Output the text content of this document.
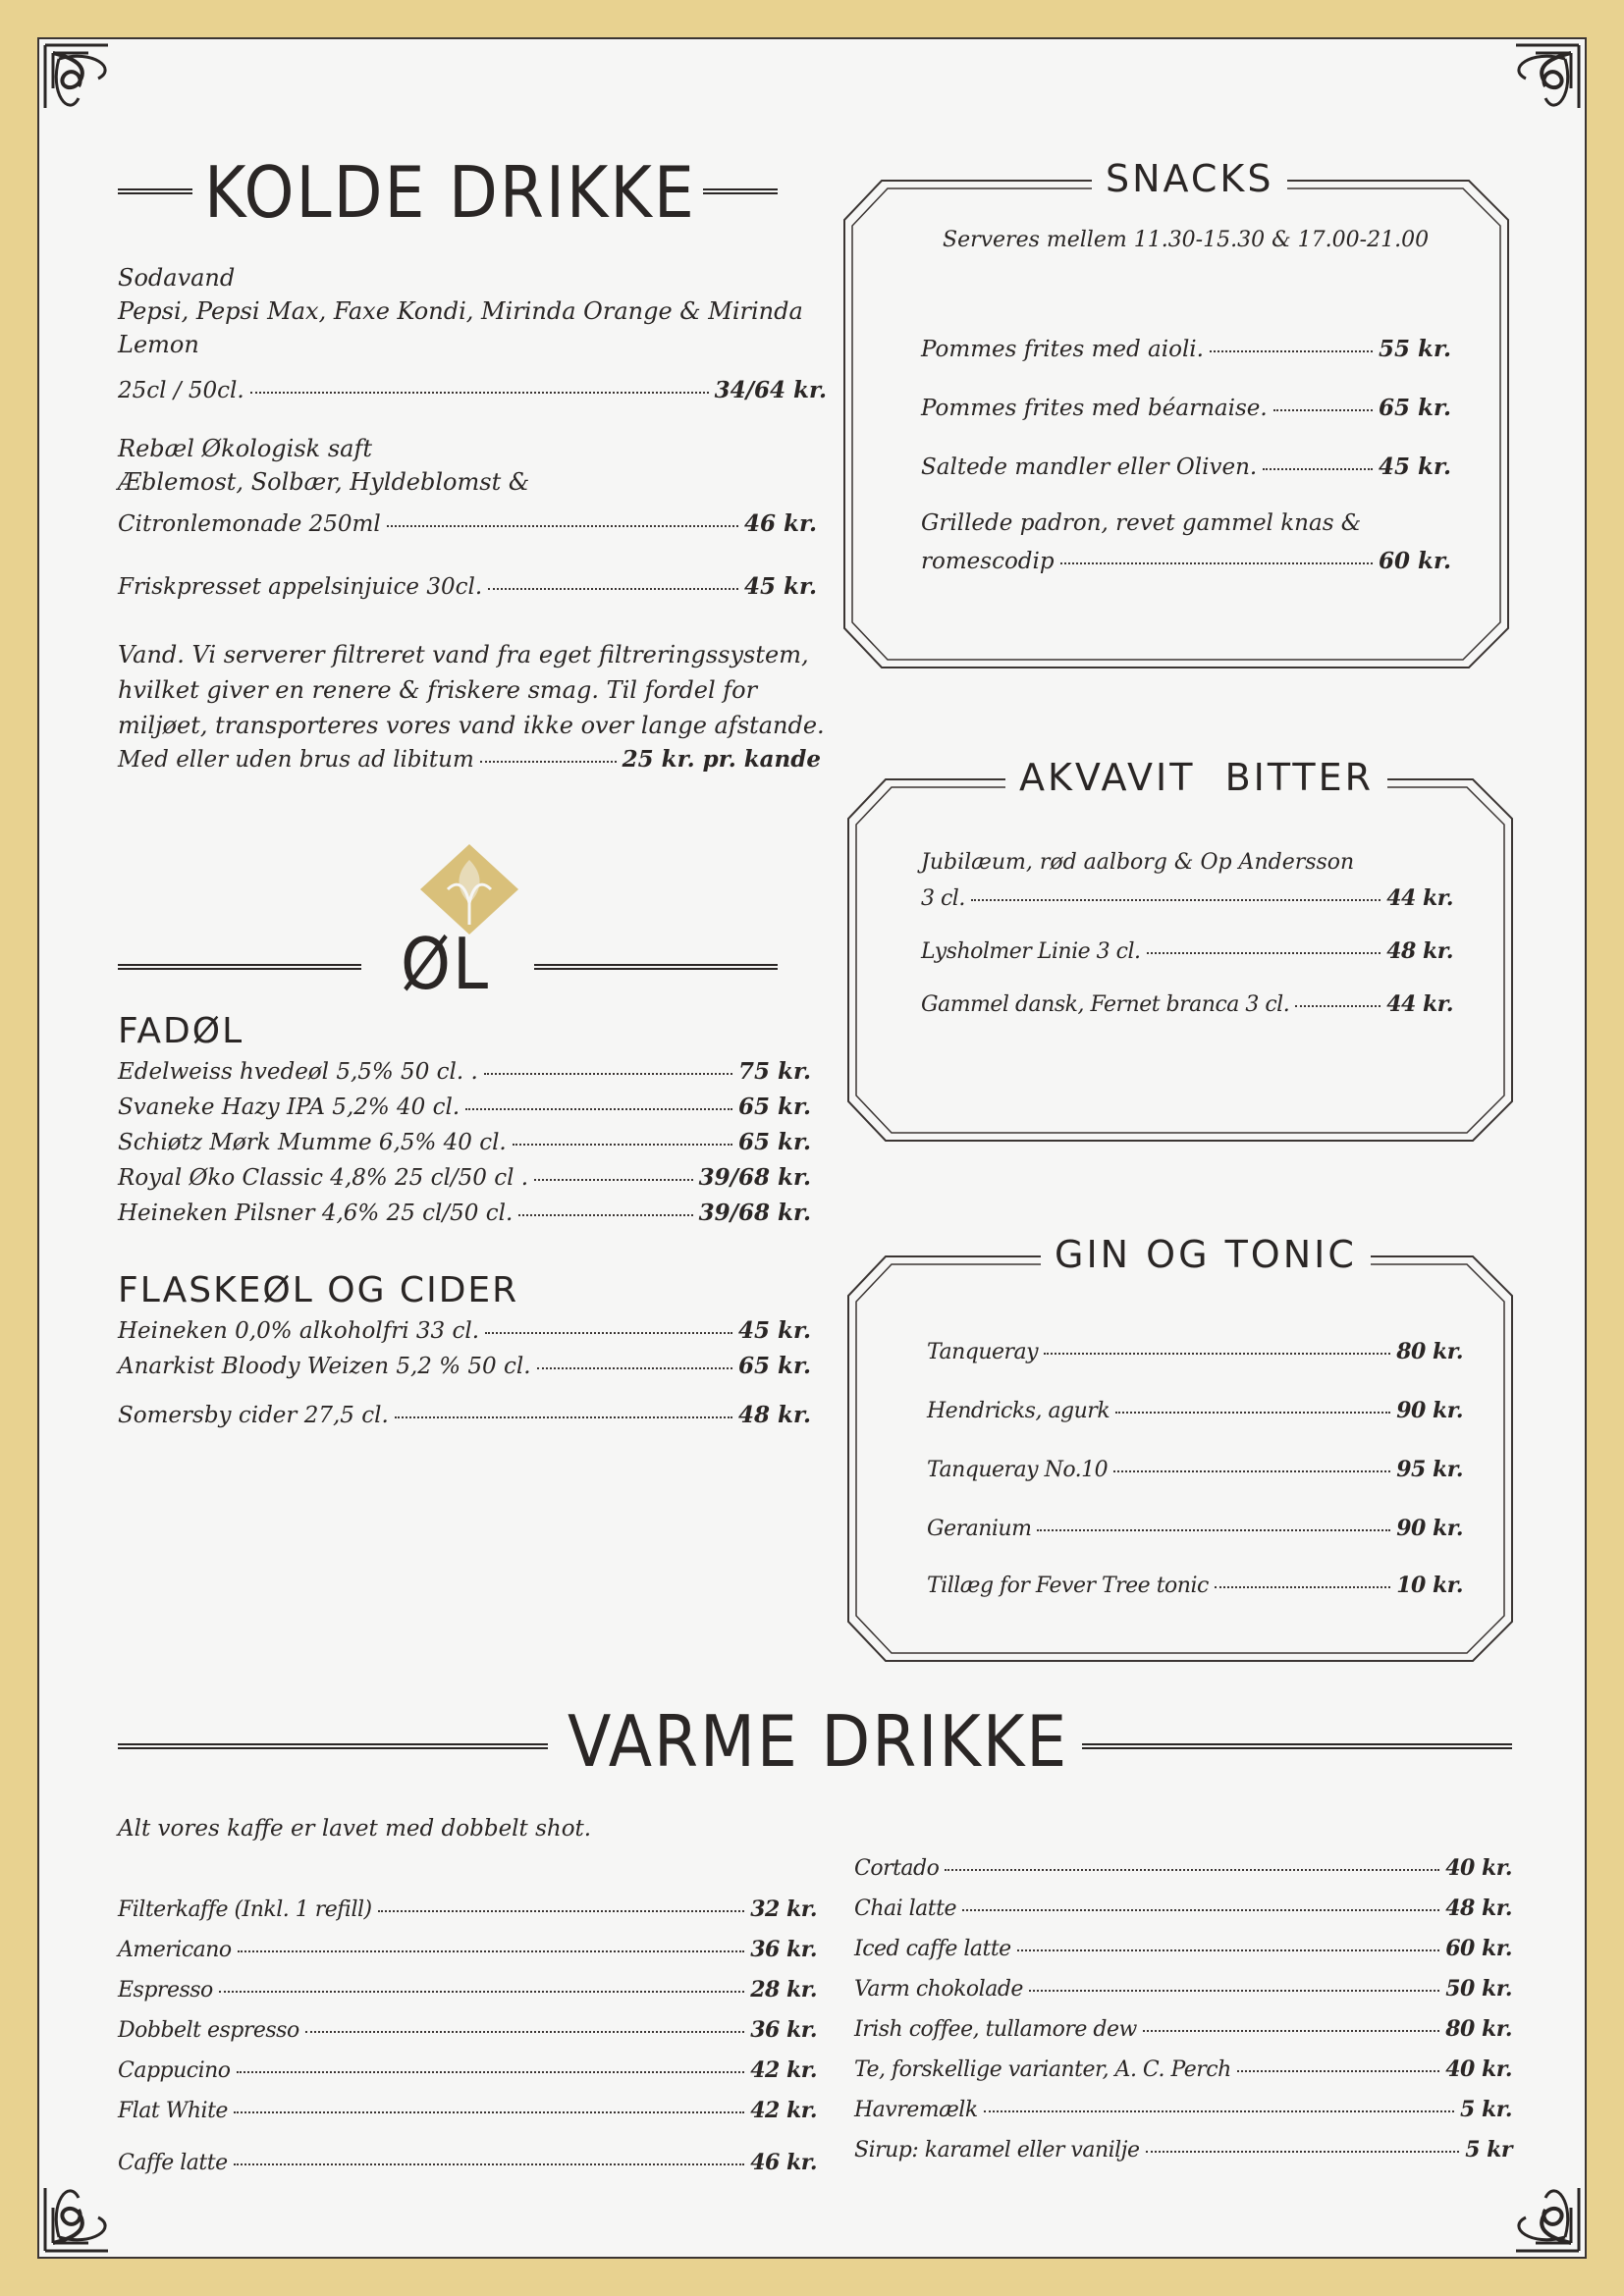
KOLDE DRIKKE
Sodavand
Pepsi, Pepsi Max, Faxe Kondi, Mirinda Orange & Mirinda
Lemon
25cl / 50cl.	34/64 kr.
Rebæl Økologisk saft
Æblemost, Solbær, Hyldeblomst &
Citronlemonade 250ml	46 kr.
Friskpresset appelsinjuice 30cl.	45 kr.
Vand. Vi serverer filtreret vand fra eget filtreringssystem,
hvilket giver en renere & friskere smag. Til fordel for
miljøet, transporteres vores vand ikke over lange afstande.
Med eller uden brus ad libitum	25 kr. pr. kande
ØL
FADØL
Edelweiss hvedeøl 5,5% 50 cl. .	75 kr.
Svaneke Hazy IPA 5,2% 40 cl.	65 kr.
Schiøtz Mørk Mumme 6,5% 40 cl.	65 kr.
Royal Øko Classic 4,8% 25 cl/50 cl .	39/68 kr.
Heineken Pilsner 4,6% 25 cl/50 cl.	39/68 kr.
FLASKEØL OG CIDER
Heineken 0,0% alkoholfri 33 cl.	45 kr.
Anarkist Bloody Weizen 5,2 % 50 cl.	65 kr.
Somersby cider 27,5 cl.	48 kr.
SNACKS
Serveres mellem 11.30-15.30 & 17.00-21.00
Pommes frites med aioli.	55 kr.
Pommes frites med béarnaise.	65 kr.
Saltede mandler eller Oliven.	45 kr.
Grillede padron, revet gammel knas &
romescodip	60 kr.
AKVAVIT  BITTER
Jubilæum, rød aalborg & Op Andersson
3 cl.	44 kr.
Lysholmer Linie 3 cl.	48 kr.
Gammel dansk, Fernet branca 3 cl.	44 kr.
GIN OG TONIC
Tanqueray	80 kr.
Hendricks, agurk	90 kr.
Tanqueray No.10	95 kr.
Geranium	90 kr.
Tillæg for Fever Tree tonic	10 kr.
VARME DRIKKE
Alt vores kaffe er lavet med dobbelt shot.
Filterkaffe (Inkl. 1 refill)	32 kr.
Americano	36 kr.
Espresso	28 kr.
Dobbelt espresso	36 kr.
Cappucino	42 kr.
Flat White	42 kr.
Caffe latte	46 kr.
Cortado	40 kr.
Chai latte	48 kr.
Iced caffe latte	60 kr.
Varm chokolade	50 kr.
Irish coffee, tullamore dew	80 kr.
Te, forskellige varianter, A. C. Perch	40 kr.
Havremælk	5 kr.
Sirup: karamel eller vanilje	5 kr
